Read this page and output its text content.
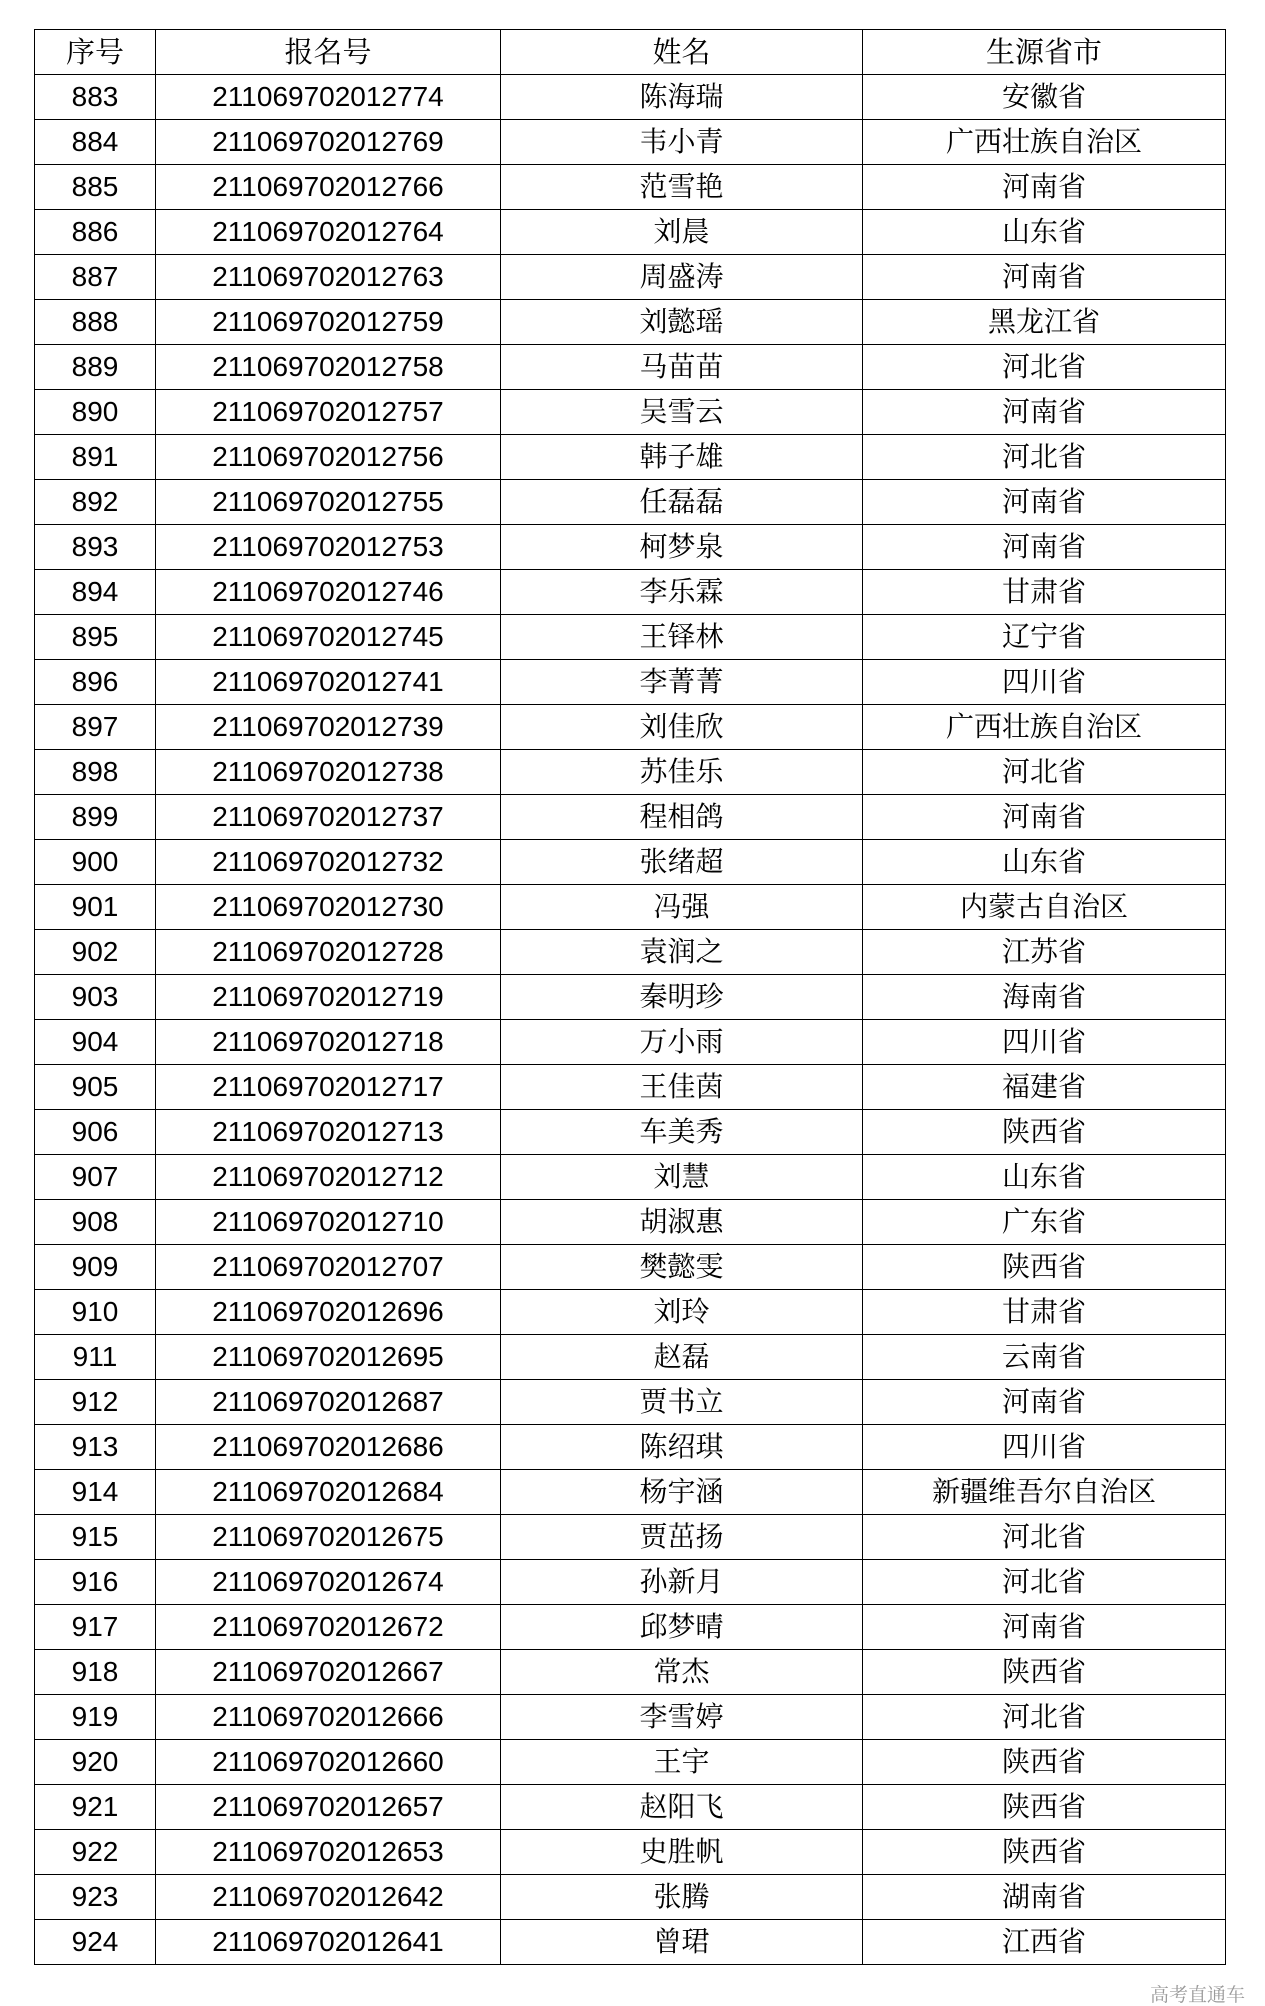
序号	报名号	姓名	生源省市
883	211069702012774	陈海瑞	安徽省
884	211069702012769	韦小青	广西壮族自治区
885	211069702012766	范雪艳	河南省
886	211069702012764	刘晨	山东省
887	211069702012763	周盛涛	河南省
888	211069702012759	刘懿瑶	黑龙江省
889	211069702012758	马苗苗	河北省
890	211069702012757	吴雪云	河南省
891	211069702012756	韩子雄	河北省
892	211069702012755	任磊磊	河南省
893	211069702012753	柯梦泉	河南省
894	211069702012746	李乐霖	甘肃省
895	211069702012745	王铎林	辽宁省
896	211069702012741	李菁菁	四川省
897	211069702012739	刘佳欣	广西壮族自治区
898	211069702012738	苏佳乐	河北省
899	211069702012737	程相鸽	河南省
900	211069702012732	张绪超	山东省
901	211069702012730	冯强	内蒙古自治区
902	211069702012728	袁润之	江苏省
903	211069702012719	秦明珍	海南省
904	211069702012718	万小雨	四川省
905	211069702012717	王佳茵	福建省
906	211069702012713	车美秀	陕西省
907	211069702012712	刘慧	山东省
908	211069702012710	胡淑惠	广东省
909	211069702012707	樊懿雯	陕西省
910	211069702012696	刘玲	甘肃省
911	211069702012695	赵磊	云南省
912	211069702012687	贾书立	河南省
913	211069702012686	陈绍琪	四川省
914	211069702012684	杨宇涵	新疆维吾尔自治区
915	211069702012675	贾茁扬	河北省
916	211069702012674	孙新月	河北省
917	211069702012672	邱梦晴	河南省
918	211069702012667	常杰	陕西省
919	211069702012666	李雪婷	河北省
920	211069702012660	王宇	陕西省
921	211069702012657	赵阳飞	陕西省
922	211069702012653	史胜帆	陕西省
923	211069702012642	张腾	湖南省
924	211069702012641	曾珺	江西省
高考直通车
